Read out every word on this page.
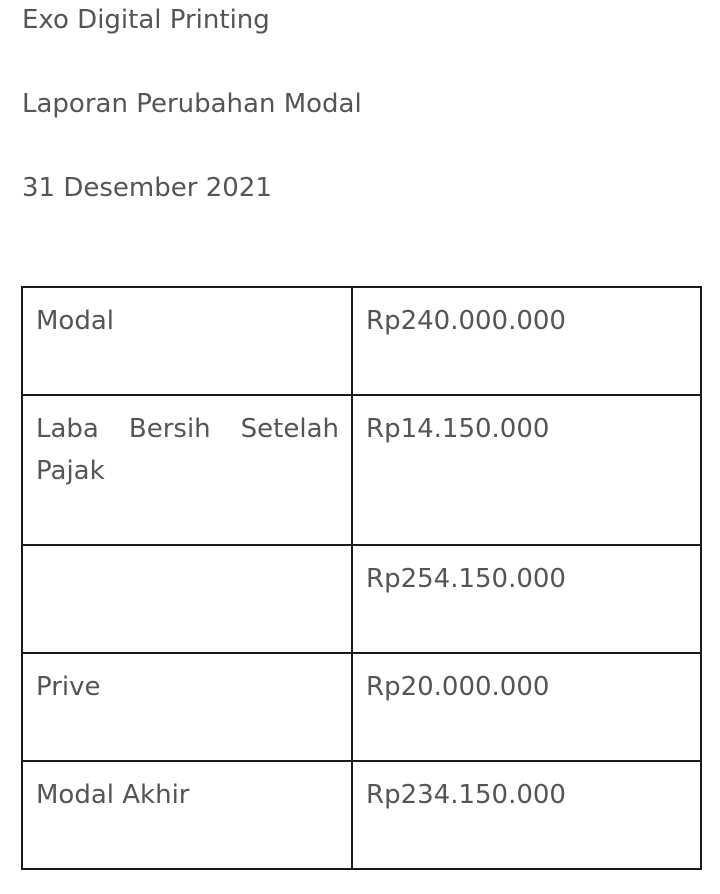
Exo Digital Printing

Laporan Perubahan Modal

31 Desember 2021

Modal	Rp240.000.000
Laba Bersih Setelah Pajak	Rp14.150.000
	Rp254.150.000
Prive	Rp20.000.000
Modal Akhir	Rp234.150.000
